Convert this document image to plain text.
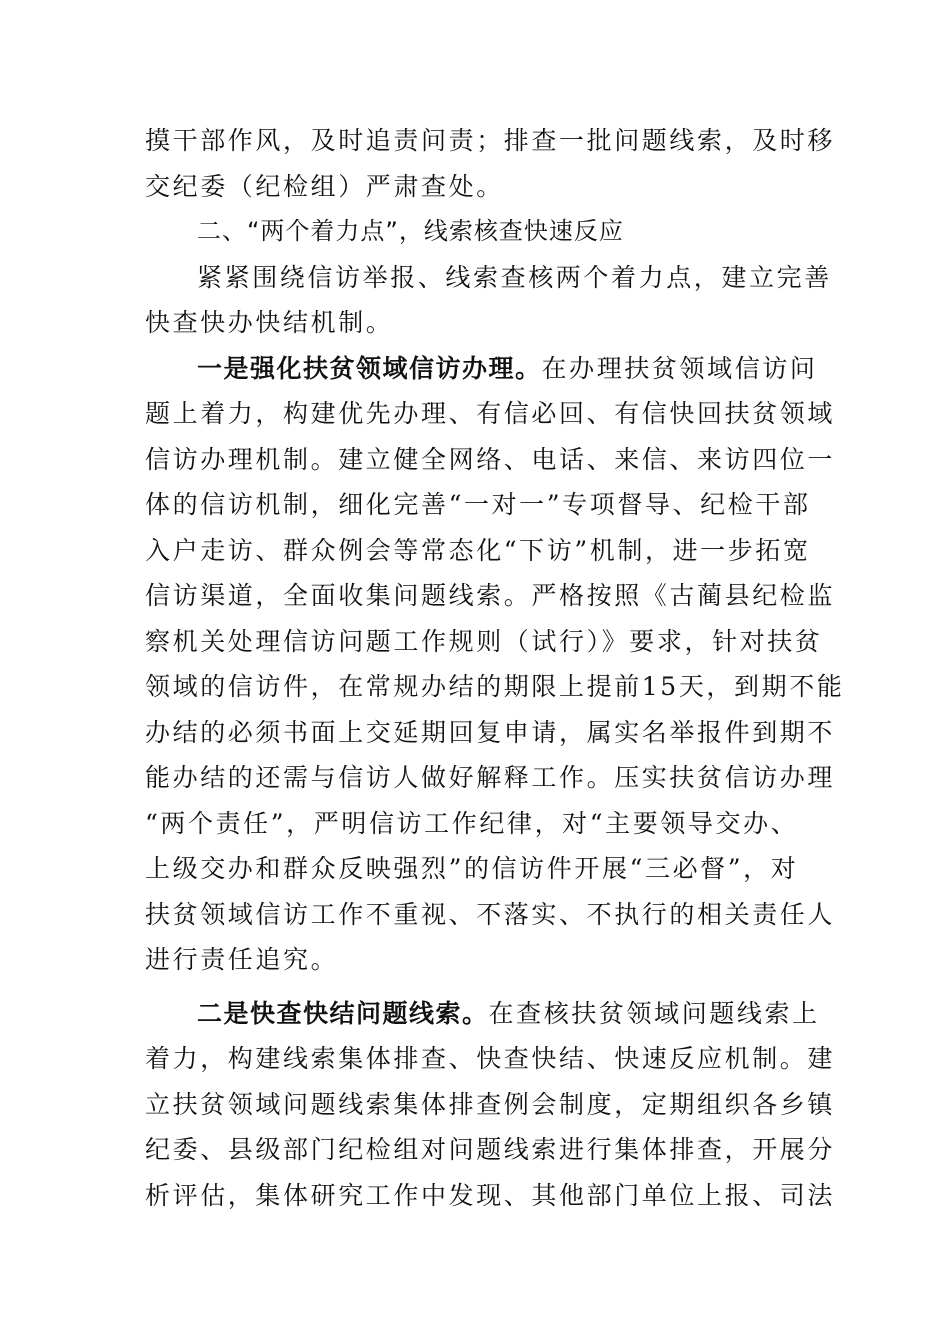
摸干部作风，及时追责问责；排查一批问题线索，及时移
交纪委（纪检组）严肃查处。
二、“两个着力点”，线索核查快速反应
紧紧围绕信访举报、线索查核两个着力点，建立完善
快查快办快结机制。
一是强化扶贫领域信访办理。在办理扶贫领域信访问
题上着力，构建优先办理、有信必回、有信快回扶贫领域
信访办理机制。建立健全网络、电话、来信、来访四位一
体的信访机制，细化完善“一对一”专项督导、纪检干部
入户走访、群众例会等常态化“下访”机制，进一步拓宽
信访渠道，全面收集问题线索。严格按照《古蔺县纪检监
察机关处理信访问题工作规则（试行）》要求，针对扶贫
领域的信访件，在常规办结的期限上提前15天，到期不能
办结的必须书面上交延期回复申请，属实名举报件到期不
能办结的还需与信访人做好解释工作。压实扶贫信访办理
“两个责任”，严明信访工作纪律，对“主要领导交办、
上级交办和群众反映强烈”的信访件开展“三必督”，对
扶贫领域信访工作不重视、不落实、不执行的相关责任人
进行责任追究。
二是快查快结问题线索。在查核扶贫领域问题线索上
着力，构建线索集体排查、快查快结、快速反应机制。建
立扶贫领域问题线索集体排查例会制度，定期组织各乡镇
纪委、县级部门纪检组对问题线索进行集体排查，开展分
析评估，集体研究工作中发现、其他部门单位上报、司法
